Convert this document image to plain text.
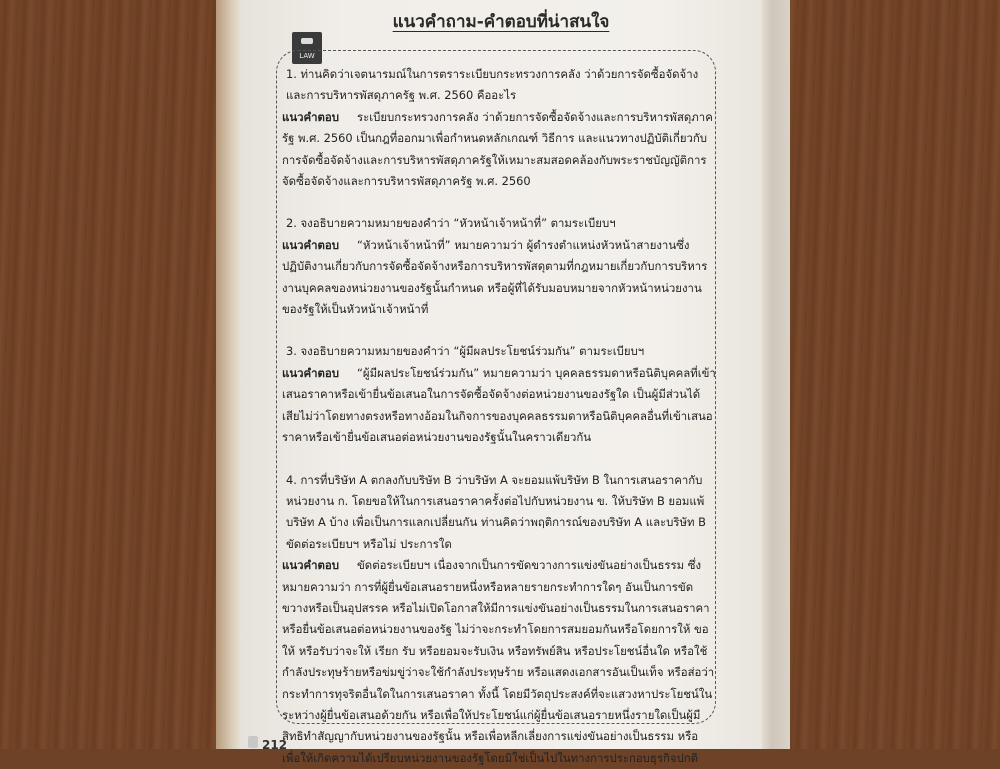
แนวคำถาม-คำตอบที่น่าสนใจ
LAW

1. ท่านคิดว่าเจตนารมณ์ในการตราระเบียบกระทรวงการคลัง ว่าด้วยการจัดซื้อจัดจ้างและการบริหารพัสดุภาครัฐ พ.ศ. 2560 คืออะไร

แนวคำตอบ ระเบียบกระทรวงการคลัง ว่าด้วยการจัดซื้อจัดจ้างและการบริหารพัสดุภาครัฐ พ.ศ. 2560 เป็นกฎที่ออกมาเพื่อกำหนดหลักเกณฑ์ วิธีการ และแนวทางปฏิบัติเกี่ยวกับการจัดซื้อจัดจ้างและการบริหารพัสดุภาครัฐให้เหมาะสมสอดคล้องกับพระราชบัญญัติการจัดซื้อจัดจ้างและการบริหารพัสดุภาครัฐ พ.ศ. 2560

2. จงอธิบายความหมายของคำว่า “หัวหน้าเจ้าหน้าที่” ตามระเบียบฯ

แนวคำตอบ “หัวหน้าเจ้าหน้าที่” หมายความว่า ผู้ดำรงตำแหน่งหัวหน้าสายงานซึ่งปฏิบัติงานเกี่ยวกับการจัดซื้อจัดจ้างหรือการบริหารพัสดุตามที่กฎหมายเกี่ยวกับการบริหารงานบุคคลของหน่วยงานของรัฐนั้นกำหนด หรือผู้ที่ได้รับมอบหมายจากหัวหน้าหน่วยงานของรัฐให้เป็นหัวหน้าเจ้าหน้าที่

3. จงอธิบายความหมายของคำว่า “ผู้มีผลประโยชน์ร่วมกัน” ตามระเบียบฯ

แนวคำตอบ “ผู้มีผลประโยชน์ร่วมกัน” หมายความว่า บุคคลธรรมดาหรือนิติบุคคลที่เข้าเสนอราคาหรือเข้ายื่นข้อเสนอในการจัดซื้อจัดจ้างต่อหน่วยงานของรัฐใด เป็นผู้มีส่วนได้เสียไม่ว่าโดยทางตรงหรือทางอ้อมในกิจการของบุคคลธรรมดาหรือนิติบุคคลอื่นที่เข้าเสนอราคาหรือเข้ายื่นข้อเสนอต่อหน่วยงานของรัฐนั้นในคราวเดียวกัน

4. การที่บริษัท A ตกลงกับบริษัท B ว่าบริษัท A จะยอมแพ้บริษัท B ในการเสนอราคากับหน่วยงาน ก. โดยขอให้ในการเสนอราคาครั้งต่อไปกับหน่วยงาน ข. ให้บริษัท B ยอมแพ้บริษัท A บ้าง เพื่อเป็นการแลกเปลี่ยนกัน ท่านคิดว่าพฤติการณ์ของบริษัท A และบริษัท B ขัดต่อระเบียบฯ หรือไม่ ประการใด

แนวคำตอบ ขัดต่อระเบียบฯ เนื่องจากเป็นการขัดขวางการแข่งขันอย่างเป็นธรรม ซึ่งหมายความว่า การที่ผู้ยื่นข้อเสนอรายหนึ่งหรือหลายรายกระทำการใดๆ อันเป็นการขัดขวางหรือเป็นอุปสรรค หรือไม่เปิดโอกาสให้มีการแข่งขันอย่างเป็นธรรมในการเสนอราคาหรือยื่นข้อเสนอต่อหน่วยงานของรัฐ ไม่ว่าจะกระทำโดยการสมยอมกันหรือโดยการให้ ขอให้ หรือรับว่าจะให้ เรียก รับ หรือยอมจะรับเงิน หรือทรัพย์สิน หรือประโยชน์อื่นใด หรือใช้กำลังประทุษร้ายหรือข่มขู่ว่าจะใช้กำลังประทุษร้าย หรือแสดงเอกสารอันเป็นเท็จ หรือส่อว่ากระทำการทุจริตอื่นใดในการเสนอราคา ทั้งนี้ โดยมีวัตถุประสงค์ที่จะแสวงหาประโยชน์ในระหว่างผู้ยื่นข้อเสนอด้วยกัน หรือเพื่อให้ประโยชน์แก่ผู้ยื่นข้อเสนอรายหนึ่งรายใดเป็นผู้มีสิทธิทำสัญญากับหน่วยงานของรัฐนั้น หรือเพื่อหลีกเลี่ยงการแข่งขันอย่างเป็นธรรม หรือเพื่อให้เกิดความได้เปรียบหน่วยงานของรัฐโดยมิใช่เป็นไปในทางการประกอบธุรกิจปกติ

212
